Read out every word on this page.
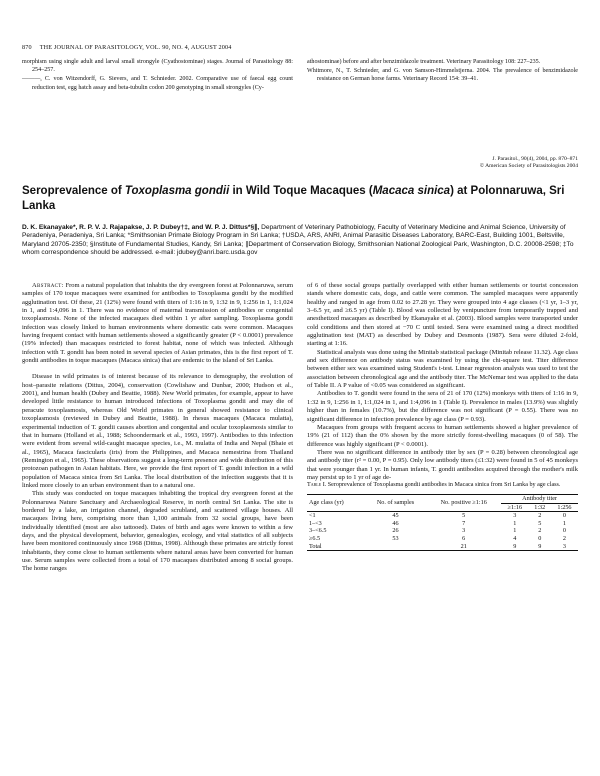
870 THE JOURNAL OF PARASITOLOGY, VOL. 90, NO. 4, AUGUST 2004

morphism using single adult and larval small strongyle (Cyathostominae) stages. Journal of Parasitology 88: 254–257.

———, C. von Witzendorff, G. Sievers, and T. Schnieder. 2002. Comparative use of faecal egg count reduction test, egg hatch assay and beta-tubulin codon 200 genotyping in small strongyles (Cy-

athostominae) before and after benzimidazole treatment. Veterinary Parasitology 108: 227–235.

Whitmore, N., T. Schnieder, and G. von Samson-Himmelstjerna. 2004. The prevalence of benzimidazole resistance on German horse farms. Veterinary Record 154: 39–41.

J. Parasitol., 90(4), 2004, pp. 870–871
© American Society of Parasitologists 2004
Seroprevalence of Toxoplasma gondii in Wild Toque Macaques (Macaca sinica) at Polonnaruwa, Sri Lanka
D. K. Ekanayake*, R. P. V. J. Rajapakse, J. P. Dubey†‡, and W. P. J. Dittus*§∥, Department of Veterinary Pathobiology, Faculty of Veterinary Medicine and Animal Science, University of Peradeniya, Peradeniya, Sri Lanka; *Smithsonian Primate Biology Program in Sri Lanka; †USDA, ARS, ANRI, Animal Parasitic Diseases Laboratory, BARC-East, Building 1001, Beltsville, Maryland 20705-2350; §Institute of Fundamental Studies, Kandy, Sri Lanka; ∥Department of Conservation Biology, Smithsonian National Zoological Park, Washington, D.C. 20008-2598; ‡To whom correspondence should be addressed. e-mail: jdubey@anri.barc.usda.gov

Abstract: From a natural population that inhabits the dry evergreen forest at Polonnaruwa, serum samples of 170 toque macaques were examined for antibodies to Toxoplasma gondii by the modified agglutination test. Of these, 21 (12%) were found with titers of 1:16 in 9, 1:32 in 9, 1:256 in 1, 1:1,024 in 1, and 1:4,096 in 1. There was no evidence of maternal transmission of antibodies or congenital toxoplasmosis. None of the infected macaques died within 1 yr after sampling. Toxoplasma gondii infection was closely linked to human environments where domestic cats were common. Macaques having frequent contact with human settlements showed a significantly greater (P < 0.0001) prevalence (19% infected) than macaques restricted to forest habitat, none of which was infected. Although infection with T. gondii has been noted in several species of Asian primates, this is the first report of T. gondii antibodies in toque macaques (Macaca sinica) that are endemic to the island of Sri Lanka.

Disease in wild primates is of interest because of its relevance to demography, the evolution of host–parasite relations (Dittus, 2004), conservation (Cowlishaw and Dunbar, 2000; Hudson et al., 2001), and human health (Dubey and Beattie, 1988). New World primates, for example, appear to have developed little resistance to human introduced infections of Toxoplasma gondii and may die of peracute toxoplasmosis, whereas Old World primates in general showed resistance to clinical toxoplasmosis (reviewed in Dubey and Beattie, 1988). In rhesus macaques (Macaca mulatta), experimental induction of T. gondii causes abortion and congenital and ocular toxoplasmosis similar to that in humans (Holland et al., 1988; Schoondermark et al., 1993, 1997). Antibodies to this infection were evident from several wild-caught macaque species, i.e., M. mulatta of India and Nepal (Bhaie et al., 1965), Macaca fascicularis (iris) from the Philippines, and Macaca nemestrina from Thailand (Remington et al., 1965). These observations suggest a long-term presence and wide distribution of this protozoan pathogen in Asian habitats. Here, we provide the first report of T. gondii infection in a wild population of Macaca sinica from Sri Lanka. The local distribution of the infection suggests that it is linked more closely to an urban environment than to a natural one.

This study was conducted on toque macaques inhabiting the tropical dry evergreen forest at the Polonnaruwa Nature Sanctuary and Archaeological Reserve, in north central Sri Lanka. The site is bordered by a lake, an irrigation channel, degraded scrubland, and scattered village houses. All macaques living here, comprising more than 1,100 animals from 32 social groups, have been individually identified (most are also tattooed). Dates of birth and ages were known to within a few days, and the physical development, behavior, genealogies, ecology, and vital statistics of all subjects have been monitored continuously since 1968 (Dittus, 1998). Although these primates are strictly forest inhabitants, they come close to human settlements where natural areas have been converted for human use. Serum samples were collected from a total of 170 macaques distributed among 8 social groups. The home ranges

of 6 of these social groups partially overlapped with either human settlements or tourist concession stands where domestic cats, dogs, and cattle were common. The sampled macaques were apparently healthy and ranged in age from 0.02 to 27.28 yr. They were grouped into 4 age classes (<1 yr, 1–3 yr, 3–6.5 yr, and ≥6.5 yr) (Table I). Blood was collected by venipuncture from temporarily trapped and anesthetized macaques as described by Ekanayake et al. (2003). Blood samples were transported under cold conditions and then stored at −70 C until tested. Sera were examined using a direct modified agglutination test (MAT) as described by Dubey and Desmonts (1987). Sera were diluted 2-fold, starting at 1:16.

Statistical analysis was done using the Minitab statistical package (Minitab release 11.32). Age class and sex difference on antibody status was examined by using the chi-square test. Titer difference between either sex was examined using Student's t-test. Linear regression analysis was used to test the association between chronological age and the antibody titer. The McNemar test was applied to the data of Table II. A P value of <0.05 was considered as significant.

Antibodies to T. gondii were found in the sera of 21 of 170 (12%) monkeys with titers of 1:16 in 9, 1:32 in 9, 1:256 in 1, 1:1,024 in 1, and 1:4,096 in 1 (Table I). Prevalence in males (13.9%) was slightly higher than in females (10.7%), but the difference was not significant (P = 0.55). There was no significant difference in infection prevalence by age class (P = 0.93).

Macaques from groups with frequent access to human settlements showed a higher prevalence of 19% (21 of 112) than the 0% shown by the more strictly forest-dwelling macaques (0 of 58). The difference was highly significant (P < 0.0001).

There was no significant difference in antibody titer by sex (P = 0.28) between chronological age and antibody titer (r² = 0.00, P = 0.95). Only low antibody titers (≤1:32) were found in 5 of 45 monkeys that were younger than 1 yr. In human infants, T. gondii antibodies acquired through the mother's milk may persist up to 1 yr of age de-

Table I. Seroprevalence of Toxoplasma gondii antibodies in Macaca sinica from Sri Lanka by age class.

Age class (yr)	No. of samples	No. positive ≥1:16	Antibody titer		
			≥1:16	1:32	1:256
<1	45	5	3	2	0
1–<3	46	7	1	5	1
3–<6.5	26	3	1	2	0
≥6.5	53	6	4	0	2
Total		21	9	9	3
